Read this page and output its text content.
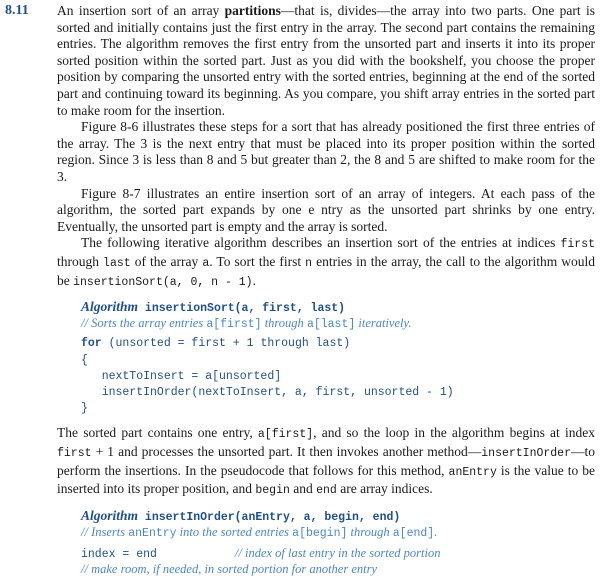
8.11 An insertion sort of an array partitions—that is, divides—the array into two parts. One part is sorted and initially contains just the first entry in the array. The second part contains the remaining entries. The algorithm removes the first entry from the unsorted part and inserts it into its proper sorted position within the sorted part. Just as you did with the bookshelf, you choose the proper position by comparing the unsorted entry with the sorted entries, beginning at the end of the sorted part and continuing toward its beginning. As you compare, you shift array entries in the sorted part to make room for the insertion.

Figure 8-6 illustrates these steps for a sort that has already positioned the first three entries of the array. The 3 is the next entry that must be placed into its proper position within the sorted region. Since 3 is less than 8 and 5 but greater than 2, the 8 and 5 are shifted to make room for the 3.

Figure 8-7 illustrates an entire insertion sort of an array of integers. At each pass of the algorithm, the sorted part expands by one e ntry as the unsorted part shrinks by one entry. Eventually, the unsorted part is empty and the array is sorted.

The following iterative algorithm describes an insertion sort of the entries at indices first through last of the array a. To sort the first n entries in the array, the call to the algorithm would be insertionSort(a, 0, n - 1).

Algorithm insertionSort(a, first, last)
// Sorts the array entries a[first] through a[last] iteratively.
for (unsorted = first + 1 through last)
{
nextToInsert = a[unsorted]
insertInOrder(nextToInsert, a, first, unsorted - 1)
}

The sorted part contains one entry, a[first], and so the loop in the algorithm begins at index first + 1 and processes the unsorted part. It then invokes another method—insertInOrder—to perform the insertions. In the pseudocode that follows for this method, anEntry is the value to be inserted into its proper position, and begin and end are array indices.

Algorithm insertInOrder(anEntry, a, begin, end)
// Inserts anEntry into the sorted entries a[begin] through a[end].
index = end	// index of last entry in the sorted portion
// make room, if needed, in sorted portion for another entry
